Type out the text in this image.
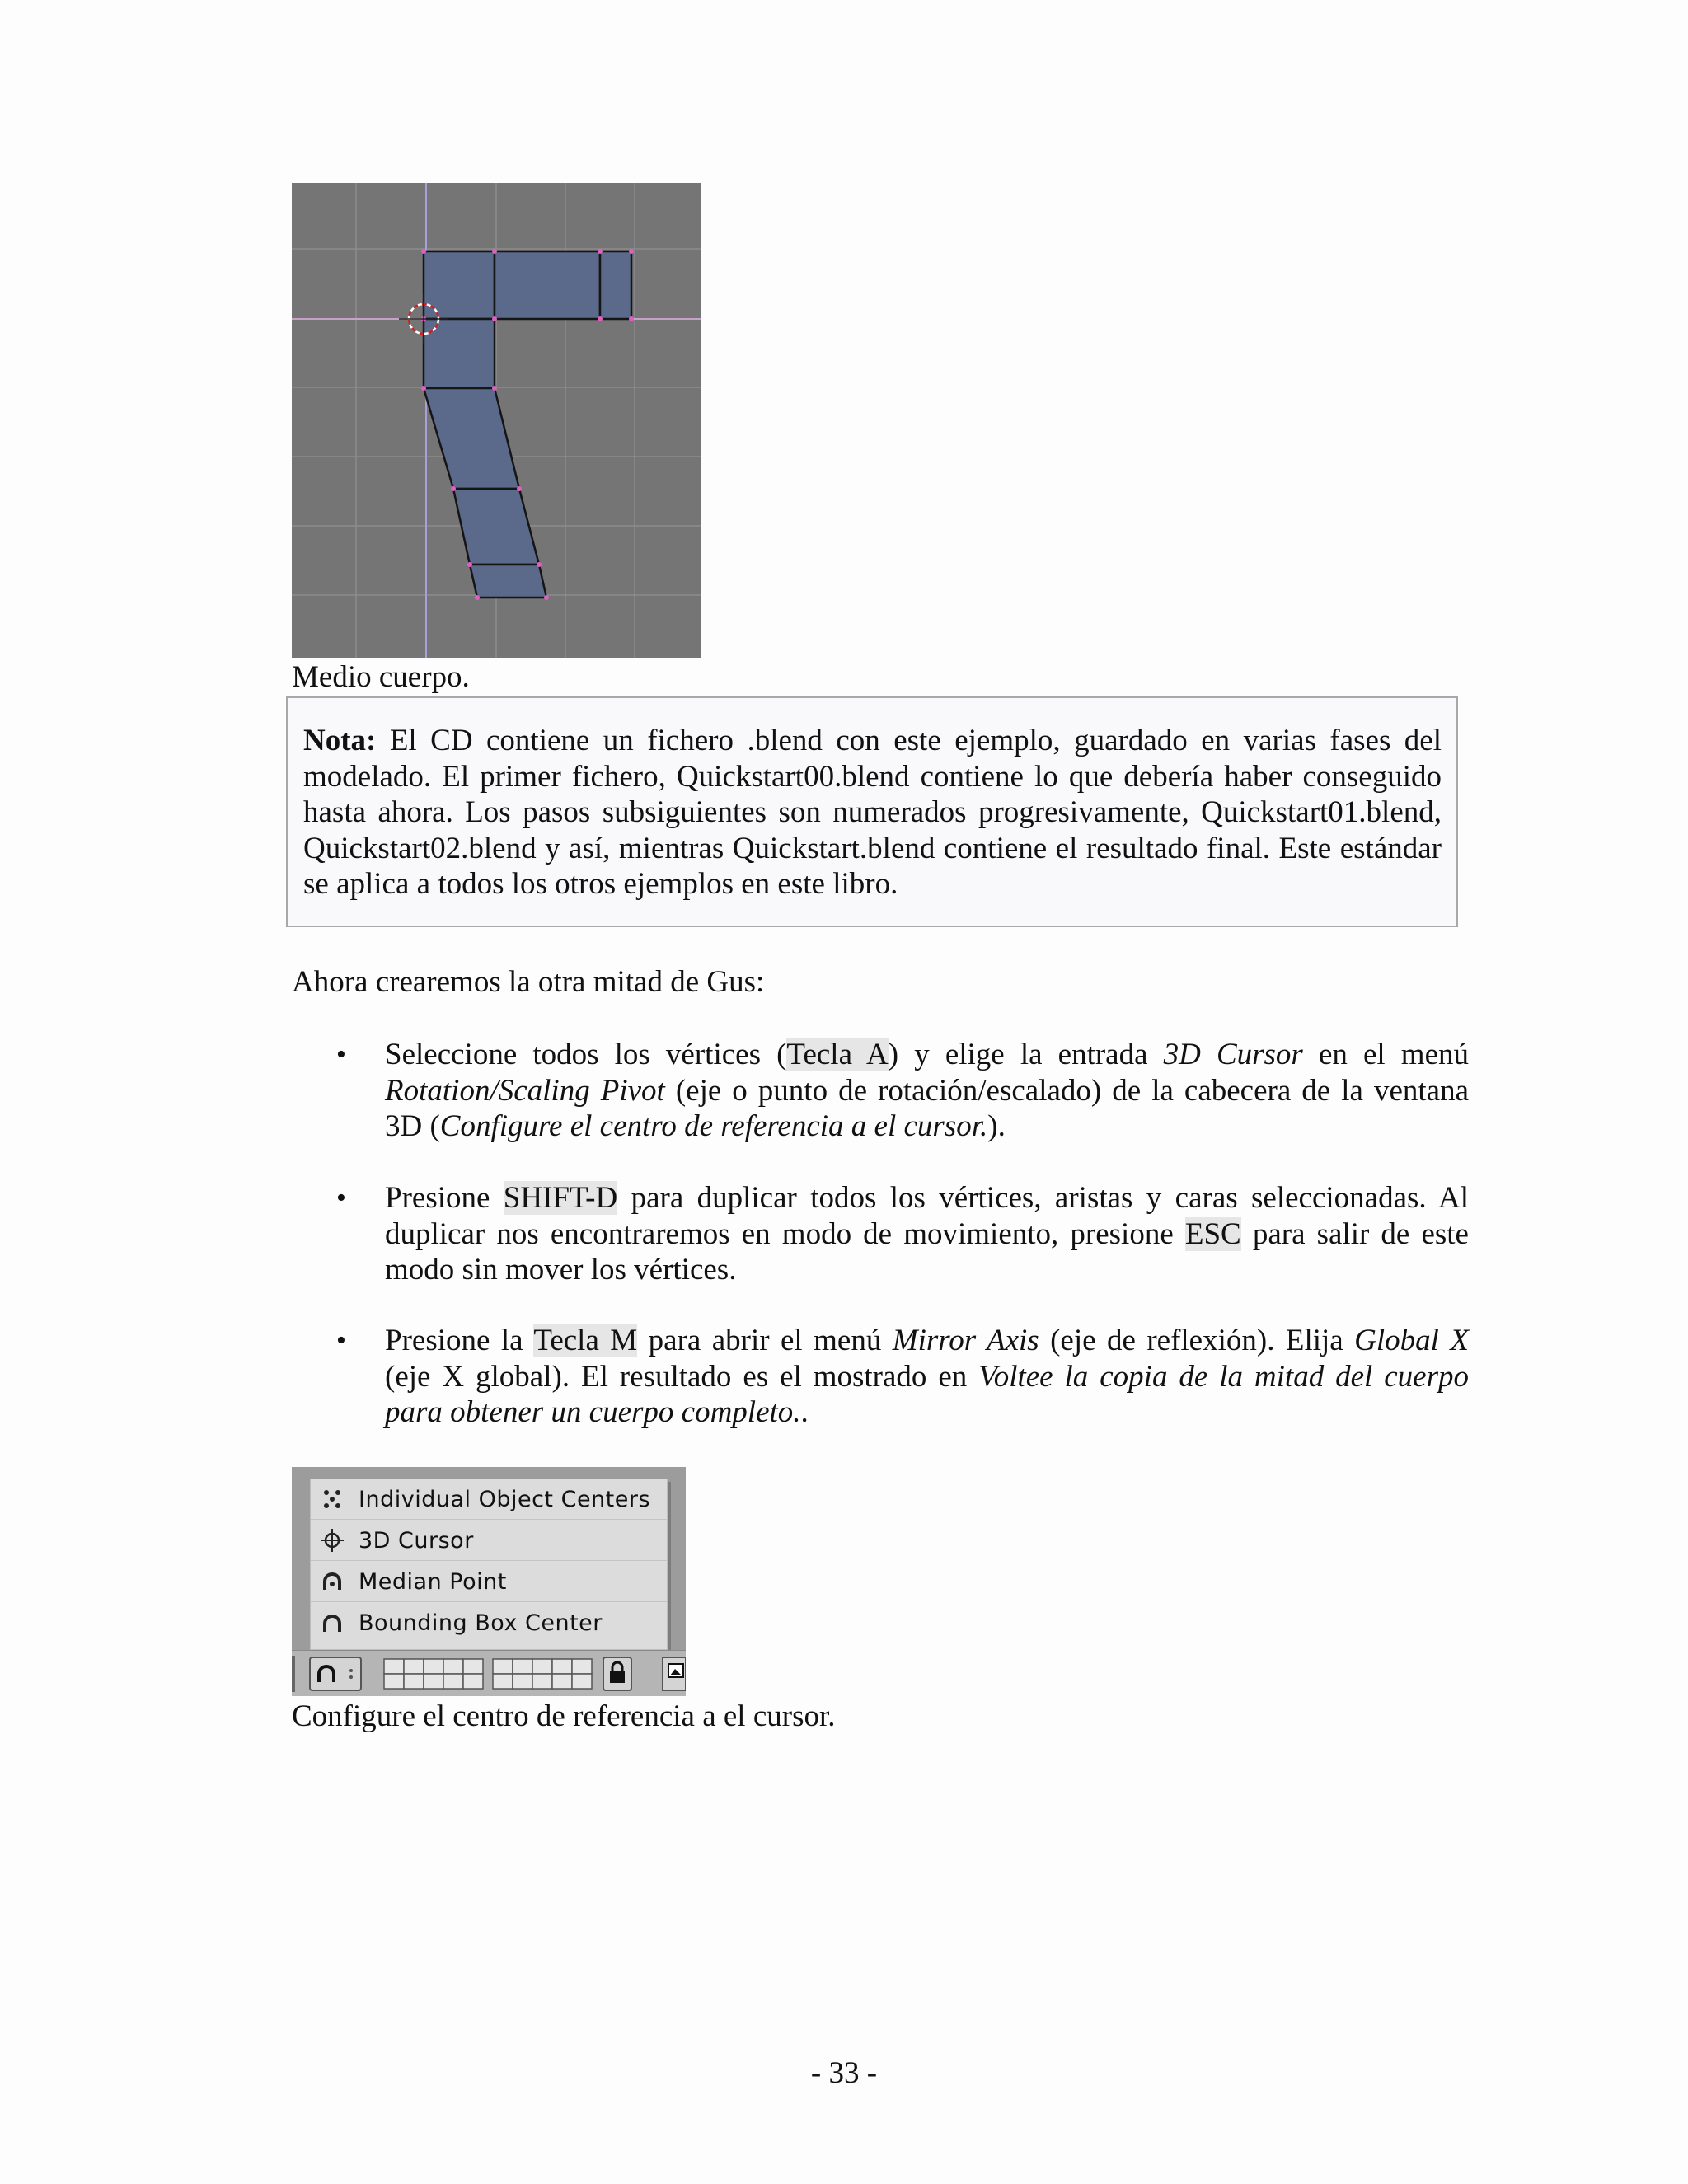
Medio cuerpo.

Nota: El CD contiene un fichero .blend con este ejemplo, guardado en varias fases del modelado. El primer fichero, Quickstart00.blend contiene lo que debería haber conseguido hasta ahora. Los pasos subsiguientes son numerados progresivamente, Quickstart01.blend, Quickstart02.blend y así, mientras Quickstart.blend contiene el resultado final. Este estándar se aplica a todos los otros ejemplos en este libro.

Ahora crearemos la otra mitad de Gus:
• Seleccione todos los vértices (Tecla A) y elige la entrada 3D Cursor en el menú Rotation/Scaling Pivot (eje o punto de rotación/escalado) de la cabecera de la ventana 3D (Configure el centro de referencia a el cursor.).

• Presione SHIFT-D para duplicar todos los vértices, aristas y caras seleccionadas. Al duplicar nos encontraremos en modo de movimiento, presione ESC para salir de este modo sin mover los vértices.

• Presione la Tecla M para abrir el menú Mirror Axis (eje de reflexión). Elija Global X (eje X global). El resultado es el mostrado en Voltee la copia de la mitad del cuerpo para obtener un cuerpo completo..

Individual Object Centers
3D Cursor
Median Point
Bounding Box Center
Configure el centro de referencia a el cursor.
- 33 -
